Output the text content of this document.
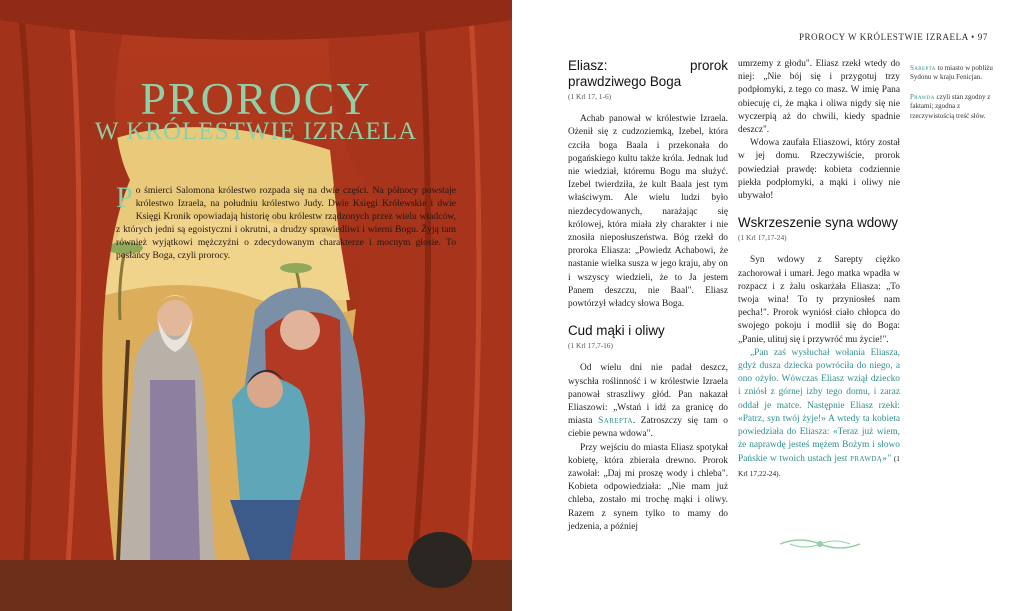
PROROCY
W KRÓLESTWIE IZRAELA
Po śmierci Salomona królestwo rozpada się na dwie części. Na północy powstaje królestwo Izraela, na południu królestwo Judy. Dwie Księgi Królewskie i dwie Księgi Kronik opowiadają historię obu królestw rządzonych przez wielu władców, z których jedni są egoistyczni i okrutni, a drudzy sprawiedliwi i wierni Bogu. Żyją tam również wyjątkowi mężczyźni o zdecydowanym charakterze i mocnym głosie. To posłańcy Boga, czyli prorocy.
PROROCY W KRÓLESTWIE IZRAELA • 97
Eliasz: prorok prawdziwego Boga
(1 Krl 17, 1-6)

Achab panował w królestwie Izraela. Ożenił się z cudzoziemką, Izebel, która czciła boga Baala i przekonała do pogańskiego kultu także króla. Jednak lud nie wiedział, któremu Bogu ma służyć. Izebel twierdziła, że kult Baala jest tym właściwym. Ale wielu ludzi było niezdecydowanych, narażając się królowej, która miała zły charakter i nie znosiła nieposłuszeństwa. Bóg rzekł do proroka Eliasza: „Powiedz Achabowi, że nastanie wielka susza w jego kraju, aby on i wszyscy wiedzieli, że to Ja jestem Panem deszczu, nie Baal". Eliasz powtórzył władcy słowa Boga.

Cud mąki i oliwy
(1 Krl 17,7-16)

Od wielu dni nie padał deszcz, wyschła roślinność i w królestwie Izraela panował straszliwy głód. Pan nakazał Eliaszowi: „Wstań i idź za granicę do miasta Sarepta. Zatroszczy się tam o ciebie pewna wdowa".

Przy wejściu do miasta Eliasz spotykał kobietę, która zbierała drewno. Prorok zawołał: „Daj mi proszę wody i chleba". Kobieta odpowiedziała: „Nie mam już chleba, zostało mi trochę mąki i oliwy. Razem z synem tylko to mamy do jedzenia, a później

umrzemy z głodu". Eliasz rzekł wtedy do niej: „Nie bój się i przygotuj trzy podpłomyki, z tego co masz. W imię Pana obiecuję ci, że mąka i oliwa nigdy się nie wyczerpią aż do chwili, kiedy spadnie deszcz".

Wdowa zaufała Eliaszowi, który został w jej domu. Rzeczywiście, prorok powiedział prawdę: kobieta codziennie piekła podpłomyki, a mąki i oliwy nie ubywało!

Wskrzeszenie syna wdowy
(1 Krl 17,17-24)

Syn wdowy z Sarepty ciężko zachorował i umarł. Jego matka wpadła w rozpacz i z żalu oskarżała Eliasza: „To twoja wina! To ty przyniosłeś nam pecha!". Prorok wyniósł ciało chłopca do swojego pokoju i modlił się do Boga: „Panie, ulituj się i przywróć mu życie!".

„Pan zaś wysłuchał wołania Eliasza, gdyż dusza dziecka powróciła do niego, a ono ożyło. Wówczas Eliasz wziął dziecko i zniósł z górnej izby tego domu, i zaraz oddał je matce. Następnie Eliasz rzekł: «Patrz, syn twój żyje!» A wtedy ta kobieta powiedziała do Eliasza: «Teraz już wiem, że naprawdę jesteś mężem Bożym i słowo Pańskie w twoich ustach jest prawdą»" (1 Krl 17,22-24).

Sarepta to miasto w pobliżu Sydonu w kraju Fenicjan.
Prawda czyli stan zgodny z faktami; zgodna z rzeczywistością treść słów.
